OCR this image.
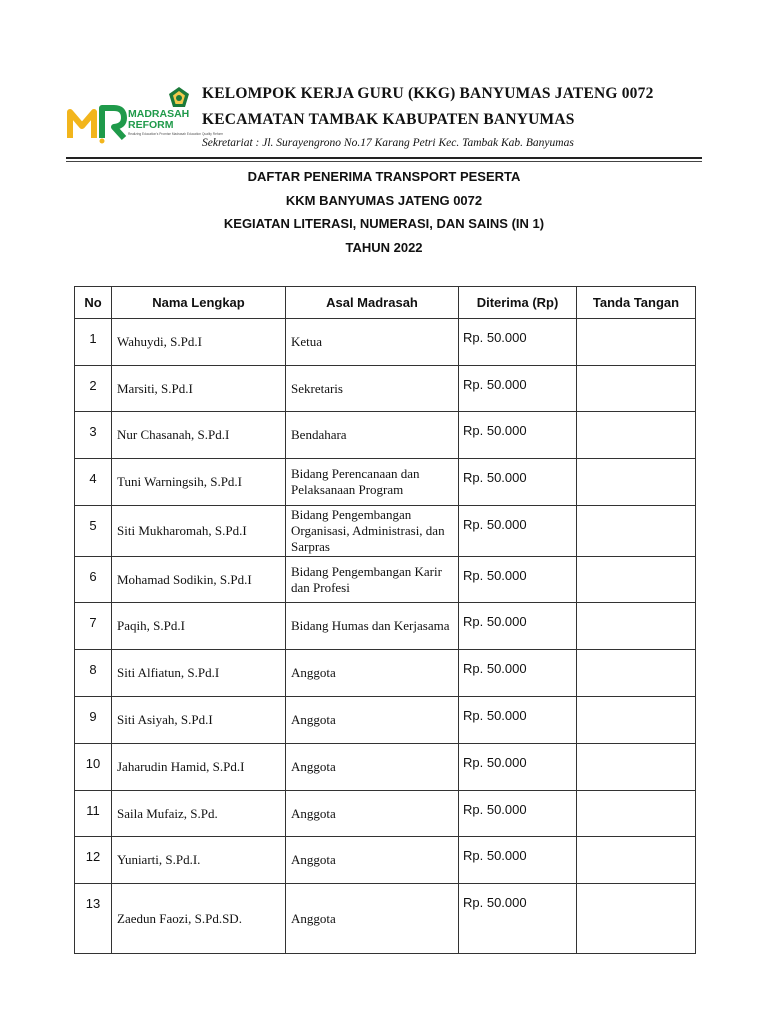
MADRASAH
REFORM
Realizing Education's Promise Madrasah Education Quality Reform
KELOMPOK KERJA GURU (KKG) BANYUMAS JATENG 0072
KECAMATAN TAMBAK KABUPATEN BANYUMAS
Sekretariat : Jl. Surayengrono No.17 Karang Petri Kec. Tambak Kab. Banyumas
DAFTAR PENERIMA TRANSPORT PESERTA
KKM BANYUMAS JATENG 0072
KEGIATAN LITERASI, NUMERASI, DAN SAINS (IN 1)
TAHUN 2022
No	Nama Lengkap	Asal Madrasah	Diterima (Rp)	Tanda Tangan
1	Wahuydi, S.Pd.I	Ketua	Rp. 50.000	
2	Marsiti, S.Pd.I	Sekretaris	Rp. 50.000	
3	Nur Chasanah, S.Pd.I	Bendahara	Rp. 50.000	
4	Tuni Warningsih, S.Pd.I	Bidang Perencanaan dan Pelaksanaan Program	Rp. 50.000	
5	Siti Mukharomah, S.Pd.I	Bidang Pengembangan Organisasi, Administrasi, dan Sarpras	Rp. 50.000	
6	Mohamad Sodikin, S.Pd.I	Bidang Pengembangan Karir dan Profesi	Rp. 50.000	
7	Paqih, S.Pd.I	Bidang Humas dan Kerjasama	Rp. 50.000	
8	Siti Alfiatun, S.Pd.I	Anggota	Rp. 50.000	
9	Siti Asiyah, S.Pd.I	Anggota	Rp. 50.000	
10	Jaharudin Hamid, S.Pd.I	Anggota	Rp. 50.000	
11	Saila Mufaiz, S.Pd.	Anggota	Rp. 50.000	
12	Yuniarti, S.Pd.I.	Anggota	Rp. 50.000	
13	Zaedun Faozi, S.Pd.SD.	Anggota	Rp. 50.000	
